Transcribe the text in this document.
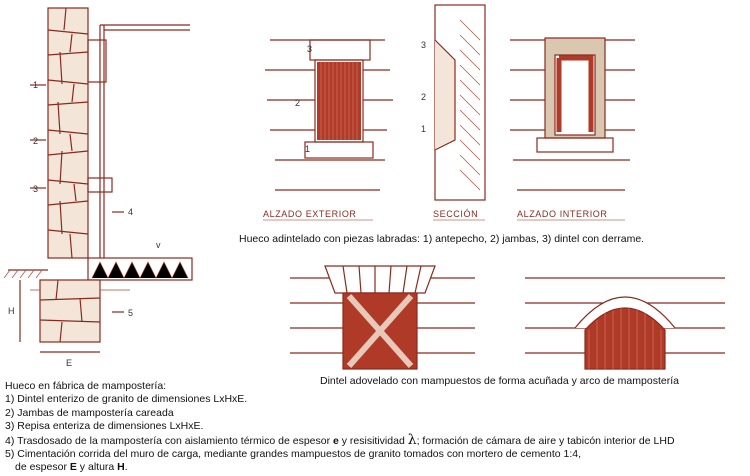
1
2
3
4
5
H
E
v
3
2
1
3
2
1
ALZADO EXTERIOR	SECCIÓN	ALZADO INTERIOR
Hueco adintelado con piezas labradas: 1) antepecho, 2) jambas, 3) dintel con derrame.
Dintel adovelado con mampuestos de forma acuñada y arco de mampostería
Hueco en fábrica de mampostería:
1) Dintel enterizo de granito de dimensiones LxHxE.
2) Jambas de mampostería careada
3) Repisa enteriza de dimensiones LxHxE.
4) Trasdosado de la mampostería con aislamiento térmico de espesor e y resisitividad λ; formación de cámara de aire y tabicón interior de LHD
5) Cimentación corrida del muro de carga, mediante grandes mampuestos de granito tomados con mortero de cemento 1:4,
de espesor E y altura H.
